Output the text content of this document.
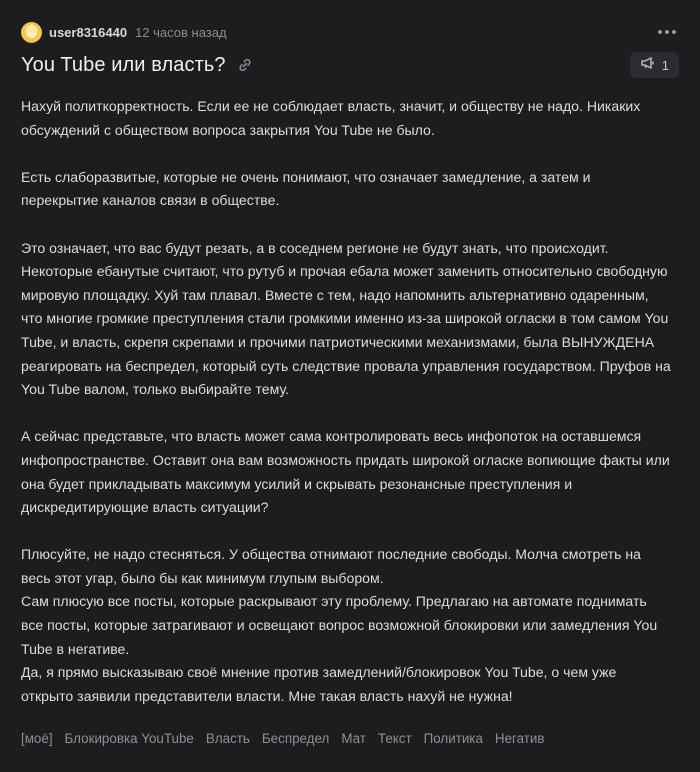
user8316440 12 часов назад
You Tube или власть?	1

Нахуй политкорректность. Если ее не соблюдает власть, значит, и обществу не надо. Никаких обсуждений с обществом вопроса закрытия You Tube не было.

Есть слаборазвитые, которые не очень понимают, что означает замедление, а затем и перекрытие каналов связи в обществе.

Это означает, что вас будут резать, а в соседнем регионе не будут знать, что происходит. Некоторые ебанутые считают, что рутуб и прочая ебала может заменить относительно свободную мировую площадку. Хуй там плавал. Вместе с тем, надо напомнить альтернативно одаренным, что многие громкие преступления стали громкими именно из-за широкой огласки в том самом You Tube, и власть, скрепя скрепами и прочими патриотическими механизмами, была ВЫНУЖДЕНА реагировать на беспредел, который суть следствие провала управления государством. Пруфов на You Tube валом, только выбирайте тему.

А сейчас представьте, что власть может сама контролировать весь инфопоток на оставшемся инфопространстве. Оставит она вам возможность придать широкой огласке вопиющие факты или она будет прикладывать максимум усилий и скрывать резонансные преступления и дискредитирующие власть ситуации?

Плюсуйте, не надо стесняться. У общества отнимают последние свободы. Молча смотреть на весь этот угар, было бы как минимум глупым выбором.
Сам плюсую все посты, которые раскрывают эту проблему. Предлагаю на автомате поднимать все посты, которые затрагивают и освещают вопрос возможной блокировки или замедления You Tube в негативе.
Да, я прямо высказываю своё мнение против замедлений/блокировок You Tube, о чем уже открыто заявили представители власти. Мне такая власть нахуй не нужна!

[моё] Блокировка YouTube Власть Беспредел Мат Текст Политика Негатив
